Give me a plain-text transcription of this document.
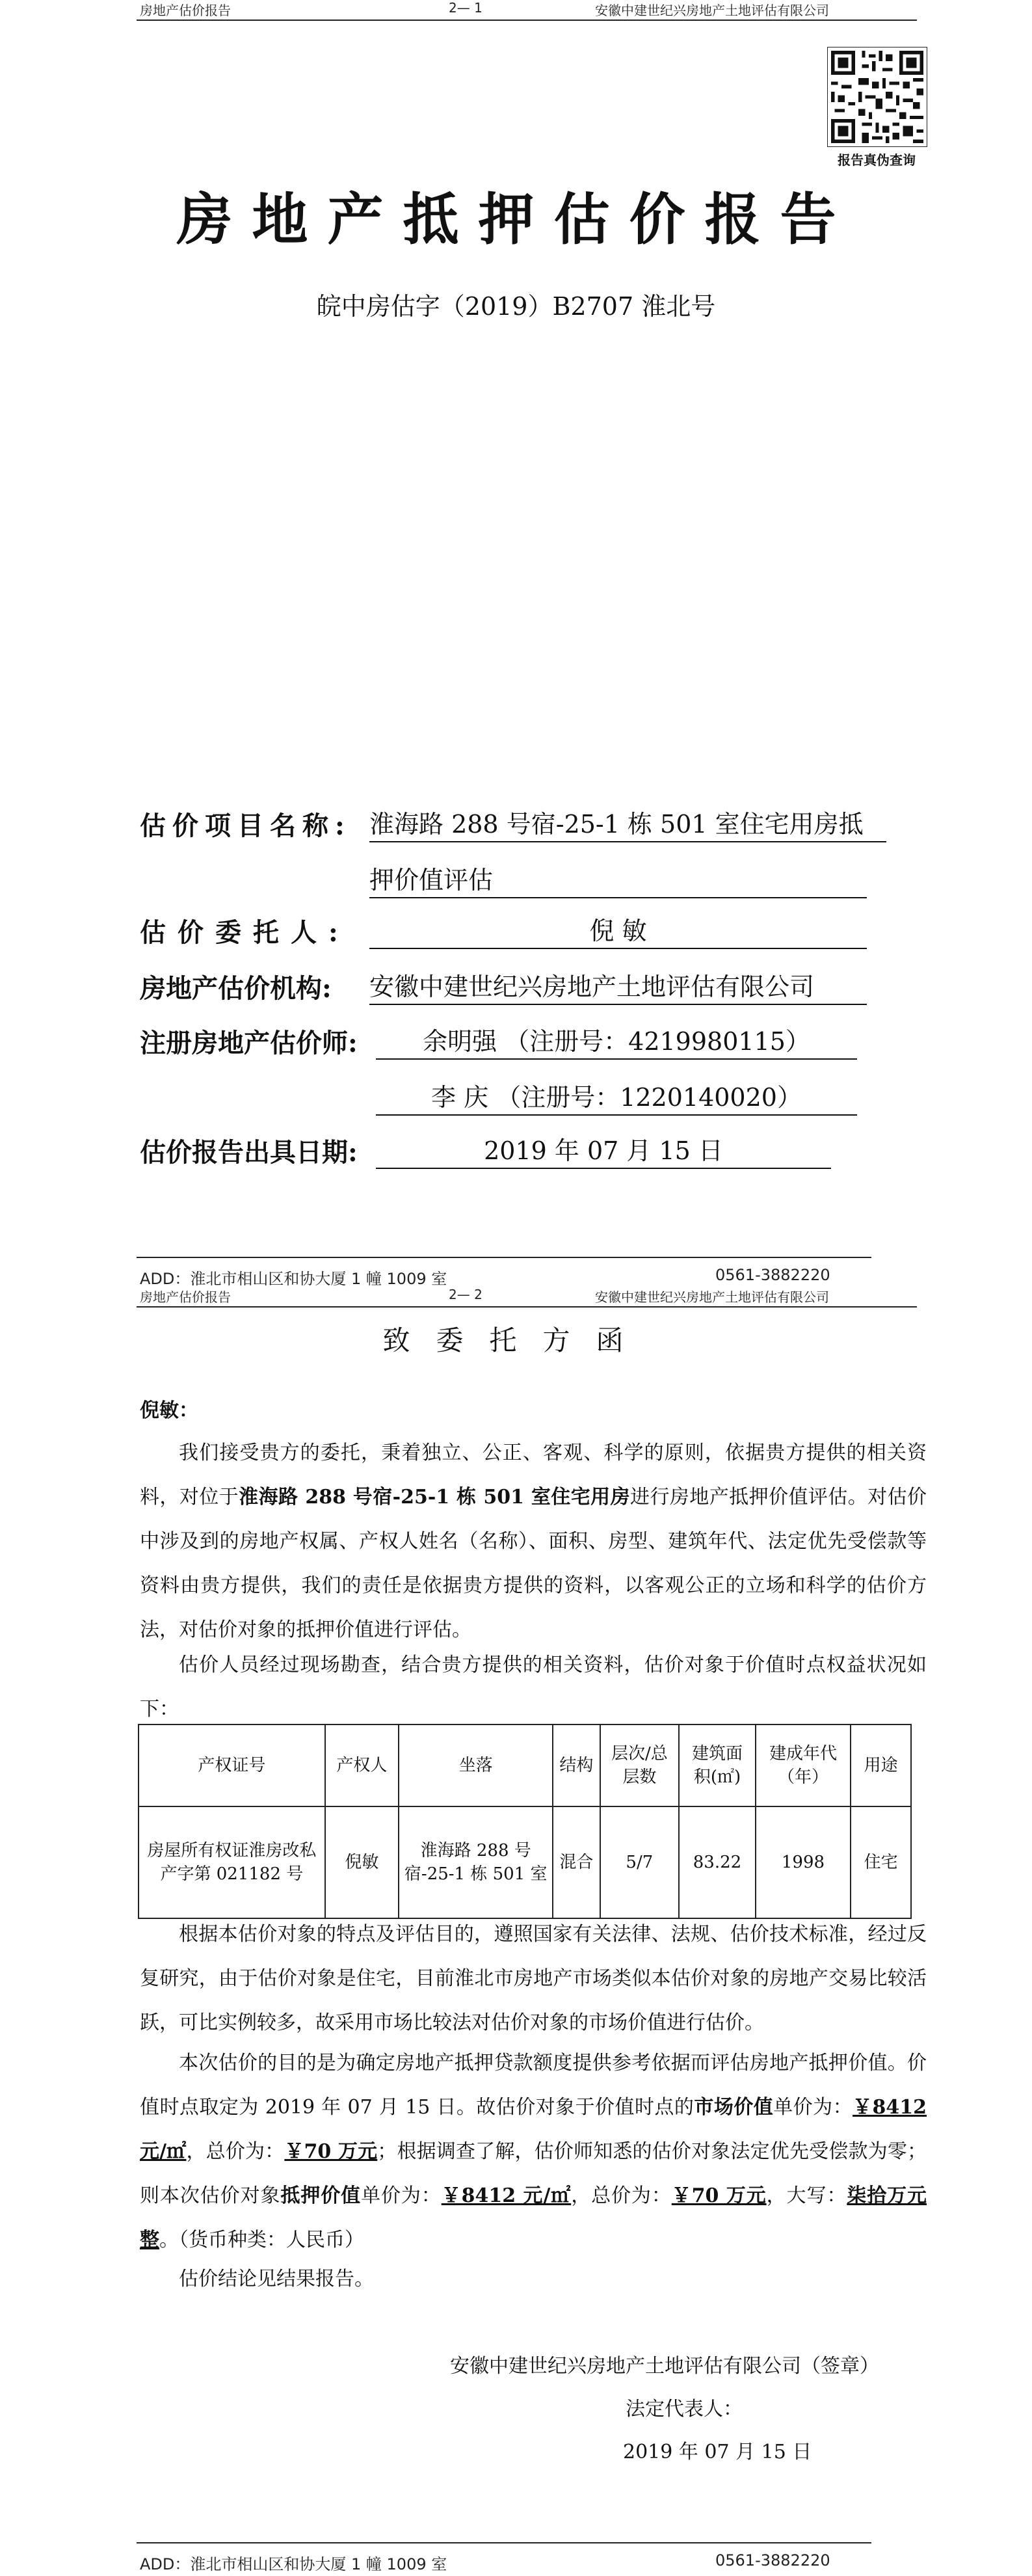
房地产估价报告	2— 1	安徽中建世纪兴房地产土地评估有限公司
报告真伪查询
房地产抵押估价报告
皖中房估字（2019）B2707 淮北号
估价项目名称: 淮海路 288 号宿-25-1 栋 501 室住宅用房抵
押价值评估
估价委托人:	倪 敏
房地产估价机构: 安徽中建世纪兴房地产土地评估有限公司
注册房地产估价师:	余明强 （注册号：4219980115）
李 庆 （注册号：1220140020）
估价报告出具日期:	2019 年 07 月 15 日
ADD：淮北市相山区和协大厦 1 幢 1009 室	0561-3882220
房地产估价报告	2— 2	安徽中建世纪兴房地产土地评估有限公司
致委托方函
倪敏：
我们接受贵方的委托，秉着独立、公正、客观、科学的原则，依据贵方提供的相关资料，对位于淮海路 288 号宿-25-1 栋 501 室住宅用房进行房地产抵押价值评估。对估价中涉及到的房地产权属、产权人姓名（名称）、面积、房型、建筑年代、法定优先受偿款等资料由贵方提供，我们的责任是依据贵方提供的资料，以客观公正的立场和科学的估价方法，对估价对象的抵押价值进行评估。
估价人员经过现场勘查，结合贵方提供的相关资料，估价对象于价值时点权益状况如下：
产权证号	产权人	坐落	结构	层次/总层数	建筑面积(㎡)	建成年代（年）	用途
房屋所有权证淮房改私产字第 021182 号	倪敏	淮海路 288 号宿-25-1 栋 501 室	混合	5/7	83.22	1998	住宅
根据本估价对象的特点及评估目的，遵照国家有关法律、法规、估价技术标准，经过反复研究，由于估价对象是住宅，目前淮北市房地产市场类似本估价对象的房地产交易比较活跃，可比实例较多，故采用市场比较法对估价对象的市场价值进行估价。
本次估价的目的是为确定房地产抵押贷款额度提供参考依据而评估房地产抵押价值。价值时点取定为 2019 年 07 月 15 日。故估价对象于价值时点的市场价值单价为：￥8412 元/㎡，总价为：￥70 万元；根据调查了解，估价师知悉的估价对象法定优先受偿款为零；则本次估价对象抵押价值单价为：￥8412 元/㎡，总价为：￥70 万元，大写：柒拾万元整。（货币种类：人民币）
估价结论见结果报告。
安徽中建世纪兴房地产土地评估有限公司（签章）
法定代表人：
2019 年 07 月 15 日
ADD：淮北市相山区和协大厦 1 幢 1009 室	0561-3882220
